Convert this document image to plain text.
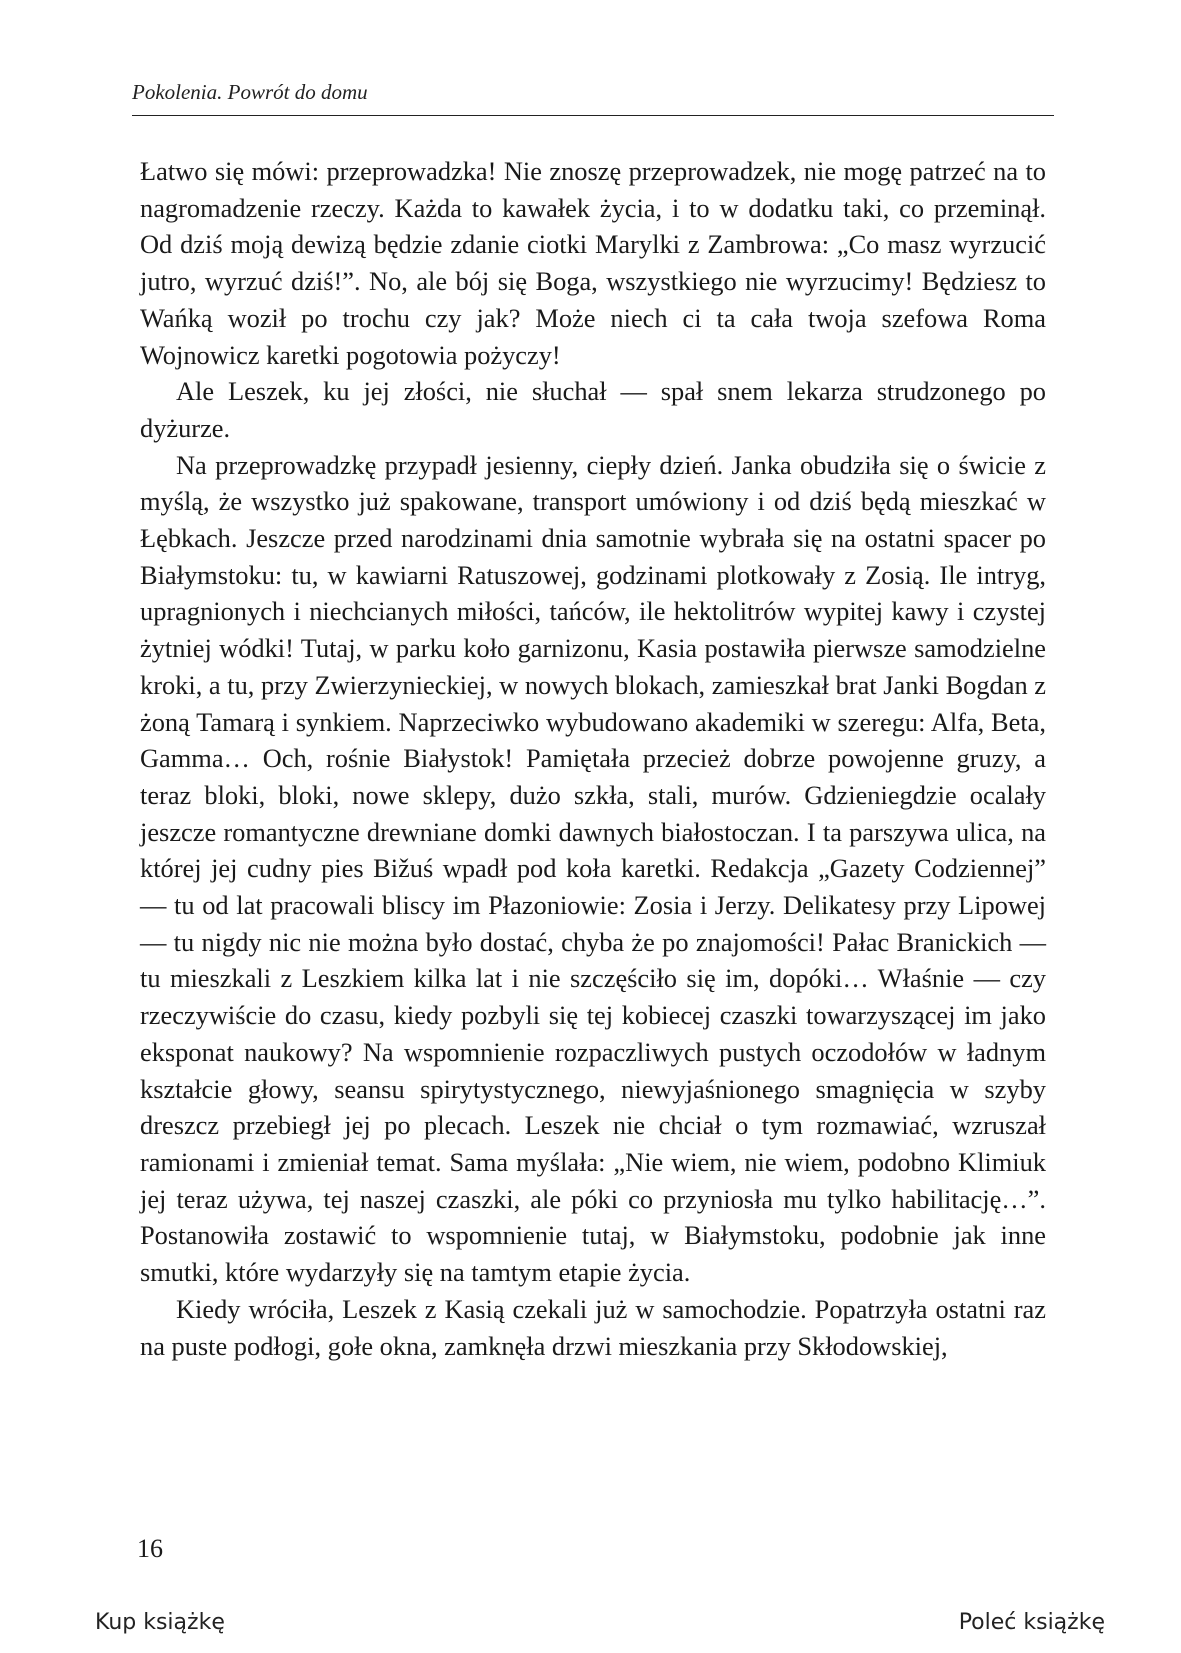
Pokolenia. Powrót do domu

Łatwo się mówi: przeprowadzka! Nie znoszę przeprowadzek, nie mogę patrzeć na to nagromadzenie rzeczy. Każda to kawałek życia, i to w dodatku taki, co przeminął. Od dziś moją dewizą będzie zdanie ciotki Marylki z Zambrowa: „Co masz wyrzucić jutro, wyrzuć dziś!”. No, ale bój się Boga, wszystkiego nie wyrzucimy! Będziesz to Wańką woził po trochu czy jak? Może niech ci ta cała twoja szefowa Roma Wojnowicz karetki pogotowia pożyczy!

Ale Leszek, ku jej złości, nie słuchał — spał snem lekarza strudzonego po dyżurze.

Na przeprowadzkę przypadł jesienny, ciepły dzień. Janka obudziła się o świcie z myślą, że wszystko już spakowane, transport umówiony i od dziś będą mieszkać w Łębkach. Jeszcze przed narodzinami dnia samotnie wybrała się na ostatni spacer po Białymstoku: tu, w kawiarni Ratuszowej, godzinami plotkowały z Zosią. Ile intryg, upragnionych i niechcianych miłości, tańców, ile hektolitrów wypitej kawy i czystej żytniej wódki! Tutaj, w parku koło garnizonu, Kasia postawiła pierwsze samodzielne kroki, a tu, przy Zwierzynieckiej, w nowych blokach, zamieszkał brat Janki Bogdan z żoną Tamarą i synkiem. Naprzeciwko wybudowano akademiki w szeregu: Alfa, Beta, Gamma… Och, rośnie Białystok! Pamiętała przecież dobrze powojenne gruzy, a teraz bloki, bloki, nowe sklepy, dużo szkła, stali, murów. Gdzieniegdzie ocalały jeszcze romantyczne drewniane domki dawnych białostoczan. I ta parszywa ulica, na której jej cudny pies Bižuś wpadł pod koła karetki. Redakcja „Gazety Codziennej” — tu od lat pracowali bliscy im Płazoniowie: Zosia i Jerzy. Delikatesy przy Lipowej — tu nigdy nic nie można było dostać, chyba że po znajomości! Pałac Branickich — tu mieszkali z Leszkiem kilka lat i nie szczęściło się im, dopóki… Właśnie — czy rzeczywiście do czasu, kiedy pozbyli się tej kobiecej czaszki towarzyszącej im jako eksponat naukowy? Na wspomnienie rozpaczliwych pustych oczodołów w ładnym kształcie głowy, seansu spirytystycznego, niewyjaśnionego smagnięcia w szyby dreszcz przebiegł jej po plecach. Leszek nie chciał o tym rozmawiać, wzruszał ramionami i zmieniał temat. Sama myślała: „Nie wiem, nie wiem, podobno Klimiuk jej teraz używa, tej naszej czaszki, ale póki co przyniosła mu tylko habilitację…”. Postanowiła zostawić to wspomnienie tutaj, w Białymstoku, podobnie jak inne smutki, które wydarzyły się na tamtym etapie życia.

Kiedy wróciła, Leszek z Kasią czekali już w samochodzie. Popatrzyła ostatni raz na puste podłogi, gołe okna, zamknęła drzwi mieszkania przy Skłodowskiej,

16
Kup książkę	Poleć książkę
